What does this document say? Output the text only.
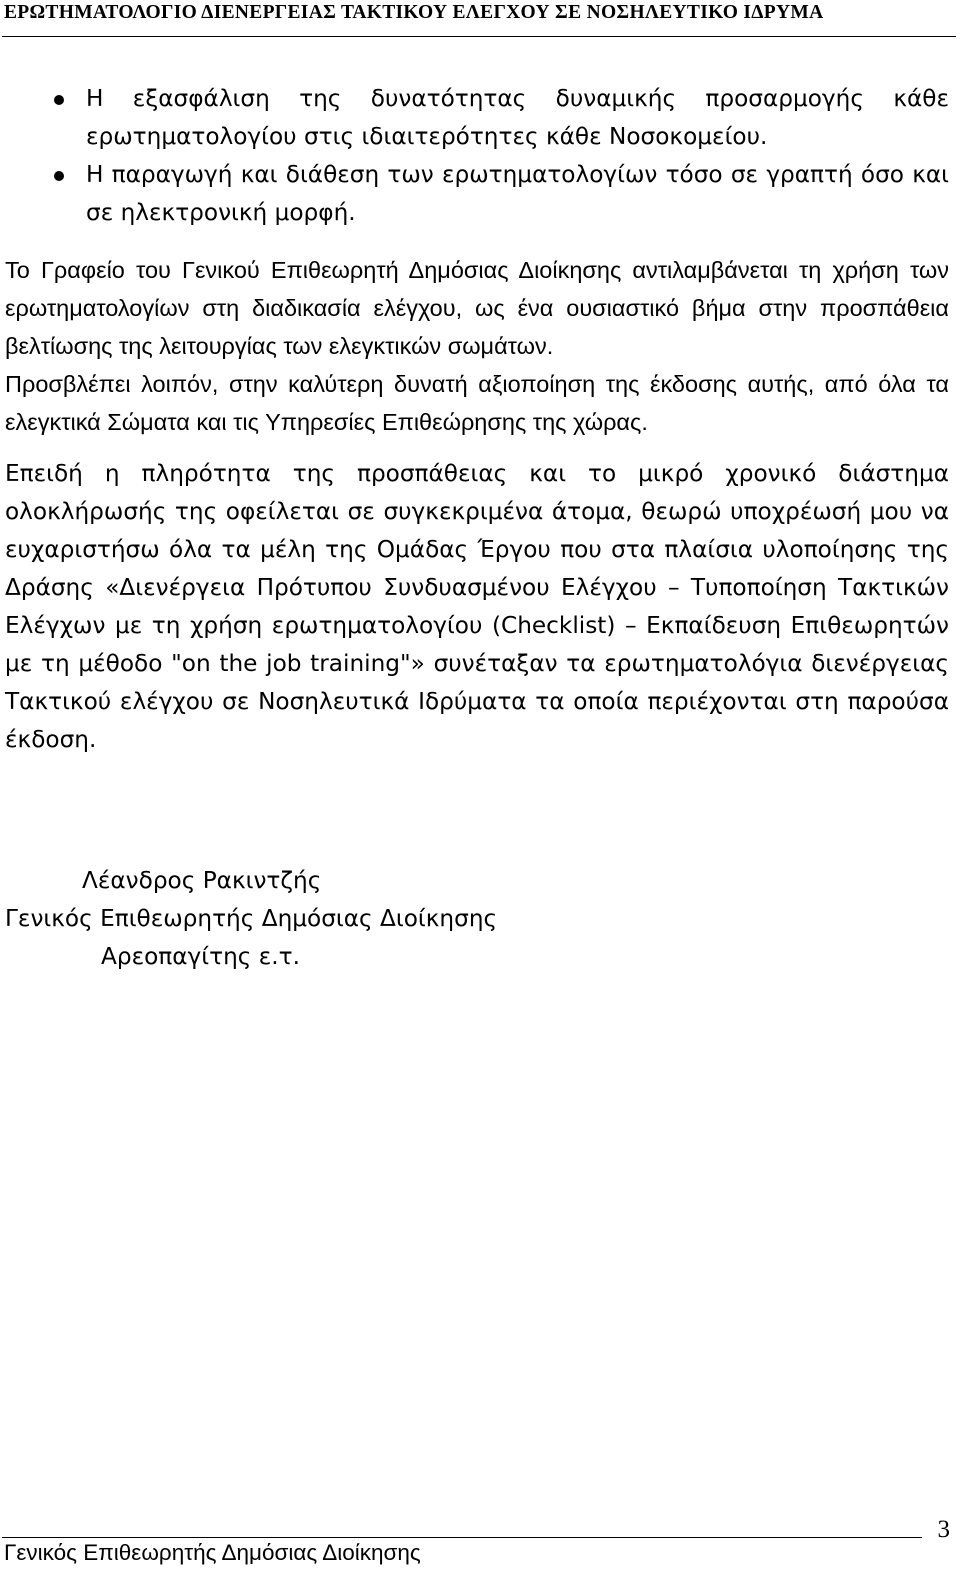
ΕΡΩΤΗΜΑΤΟΛΟΓΙΟ ΔΙΕΝΕΡΓΕΙΑΣ ΤΑΚΤΙΚΟΥ ΕΛΕΓΧΟΥ ΣΕ ΝΟΣΗΛΕΥΤΙΚΟ ΙΔΡΥΜΑ
Η εξασφάλιση της δυνατότητας δυναμικής προσαρμογής κάθε ερωτηματολογίου στις ιδιαιτερότητες κάθε Νοσοκομείου.
Η παραγωγή και διάθεση των ερωτηματολογίων τόσο σε γραπτή όσο και σε ηλεκτρονική μορφή.

Το Γραφείο του Γενικού Επιθεωρητή Δημόσιας Διοίκησης αντιλαμβάνεται τη χρήση των ερωτηματολογίων στη διαδικασία ελέγχου, ως ένα ουσιαστικό βήμα στην προσπάθεια βελτίωσης της λειτουργίας των ελεγκτικών σωμάτων.

Προσβλέπει λοιπόν, στην καλύτερη δυνατή αξιοποίηση της έκδοσης αυτής, από όλα τα ελεγκτικά Σώματα και τις Υπηρεσίες Επιθεώρησης της χώρας.

Επειδή η πληρότητα της προσπάθειας και το μικρό χρονικό διάστημα ολοκλήρωσής της οφείλεται σε συγκεκριμένα άτομα, θεωρώ υποχρέωσή μου να ευχαριστήσω όλα τα μέλη της Ομάδας Έργου που στα πλαίσια υλοποίησης της Δράσης «Διενέργεια Πρότυπου Συνδυασμένου Ελέγχου – Τυποποίηση Τακτικών Ελέγχων με τη χρήση ερωτηματολογίου (Checklist) – Εκπαίδευση Επιθεωρητών με τη μέθοδο "on the job training"» συνέταξαν τα ερωτηματολόγια διενέργειας Τακτικού ελέγχου σε Νοσηλευτικά Ιδρύματα τα οποία περιέχονται στη παρούσα έκδοση.

Λέανδρος Ρακιντζής
Γενικός Επιθεωρητής Δημόσιας Διοίκησης
Αρεοπαγίτης ε.τ.
3
Γενικός Επιθεωρητής Δημόσιας Διοίκησης
